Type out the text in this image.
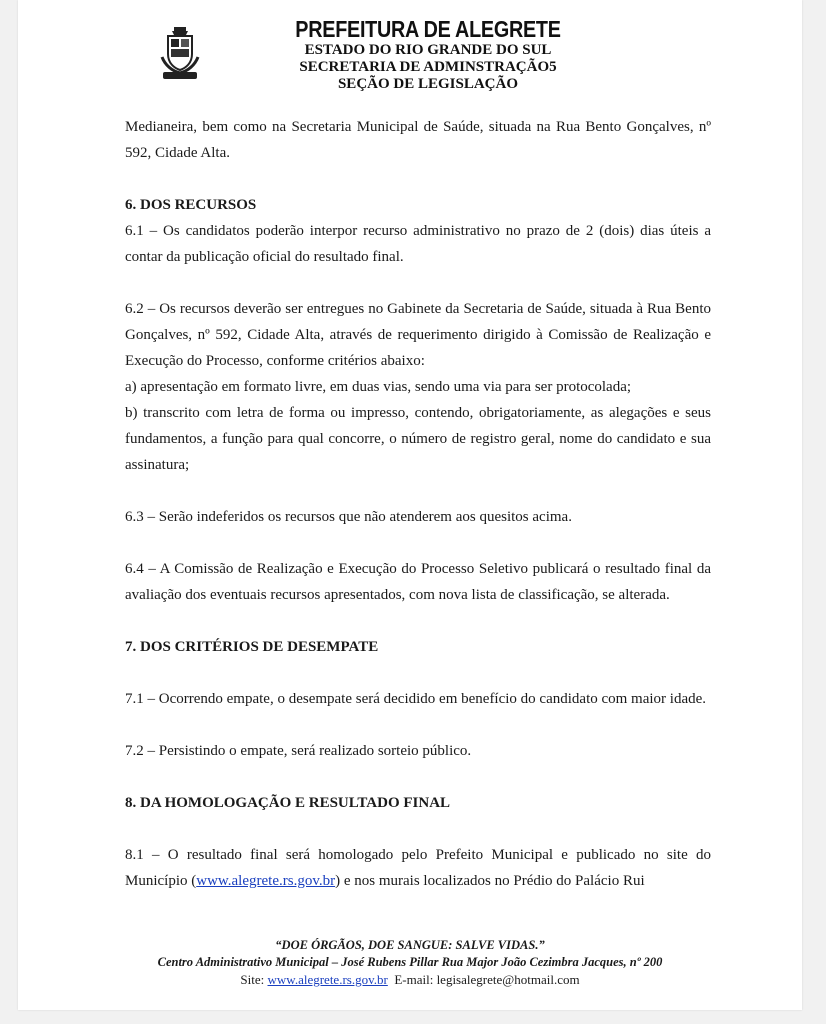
PREFEITURA DE ALEGRETE
ESTADO DO RIO GRANDE DO SUL
SECRETARIA DE ADMINSTRAÇÃO5
SEÇÃO DE LEGISLAÇÃO

Medianeira, bem como na Secretaria Municipal de Saúde, situada na Rua Bento Gonçalves, nº 592, Cidade Alta.

6. DOS RECURSOS

6.1 – Os candidatos poderão interpor recurso administrativo no prazo de 2 (dois) dias úteis a contar da publicação oficial do resultado final.

6.2 – Os recursos deverão ser entregues no Gabinete da Secretaria de Saúde, situada à Rua Bento Gonçalves, nº 592, Cidade Alta, através de requerimento dirigido à Comissão de Realização e Execução do Processo, conforme critérios abaixo:

a) apresentação em formato livre, em duas vias, sendo uma via para ser protocolada;

b) transcrito com letra de forma ou impresso, contendo, obrigatoriamente, as alegações e seus fundamentos, a função para qual concorre, o número de registro geral, nome do candidato e sua assinatura;

6.3 – Serão indeferidos os recursos que não atenderem aos quesitos acima.

6.4 – A Comissão de Realização e Execução do Processo Seletivo publicará o resultado final da avaliação dos eventuais recursos apresentados, com nova lista de classificação, se alterada.

7. DOS CRITÉRIOS DE DESEMPATE

7.1 – Ocorrendo empate, o desempate será decidido em benefício do candidato com maior idade.

7.2 – Persistindo o empate, será realizado sorteio público.

8. DA HOMOLOGAÇÃO E RESULTADO FINAL

8.1 – O resultado final será homologado pelo Prefeito Municipal e publicado no site do Município (www.alegrete.rs.gov.br) e nos murais localizados no Prédio do Palácio Rui

“DOE ÓRGÃOS, DOE SANGUE: SALVE VIDAS.”
Centro Administrativo Municipal – José Rubens Pillar Rua Major João Cezimbra Jacques, nº 200
Site: www.alegrete.rs.gov.br  E-mail: legisalegrete@hotmail.com
